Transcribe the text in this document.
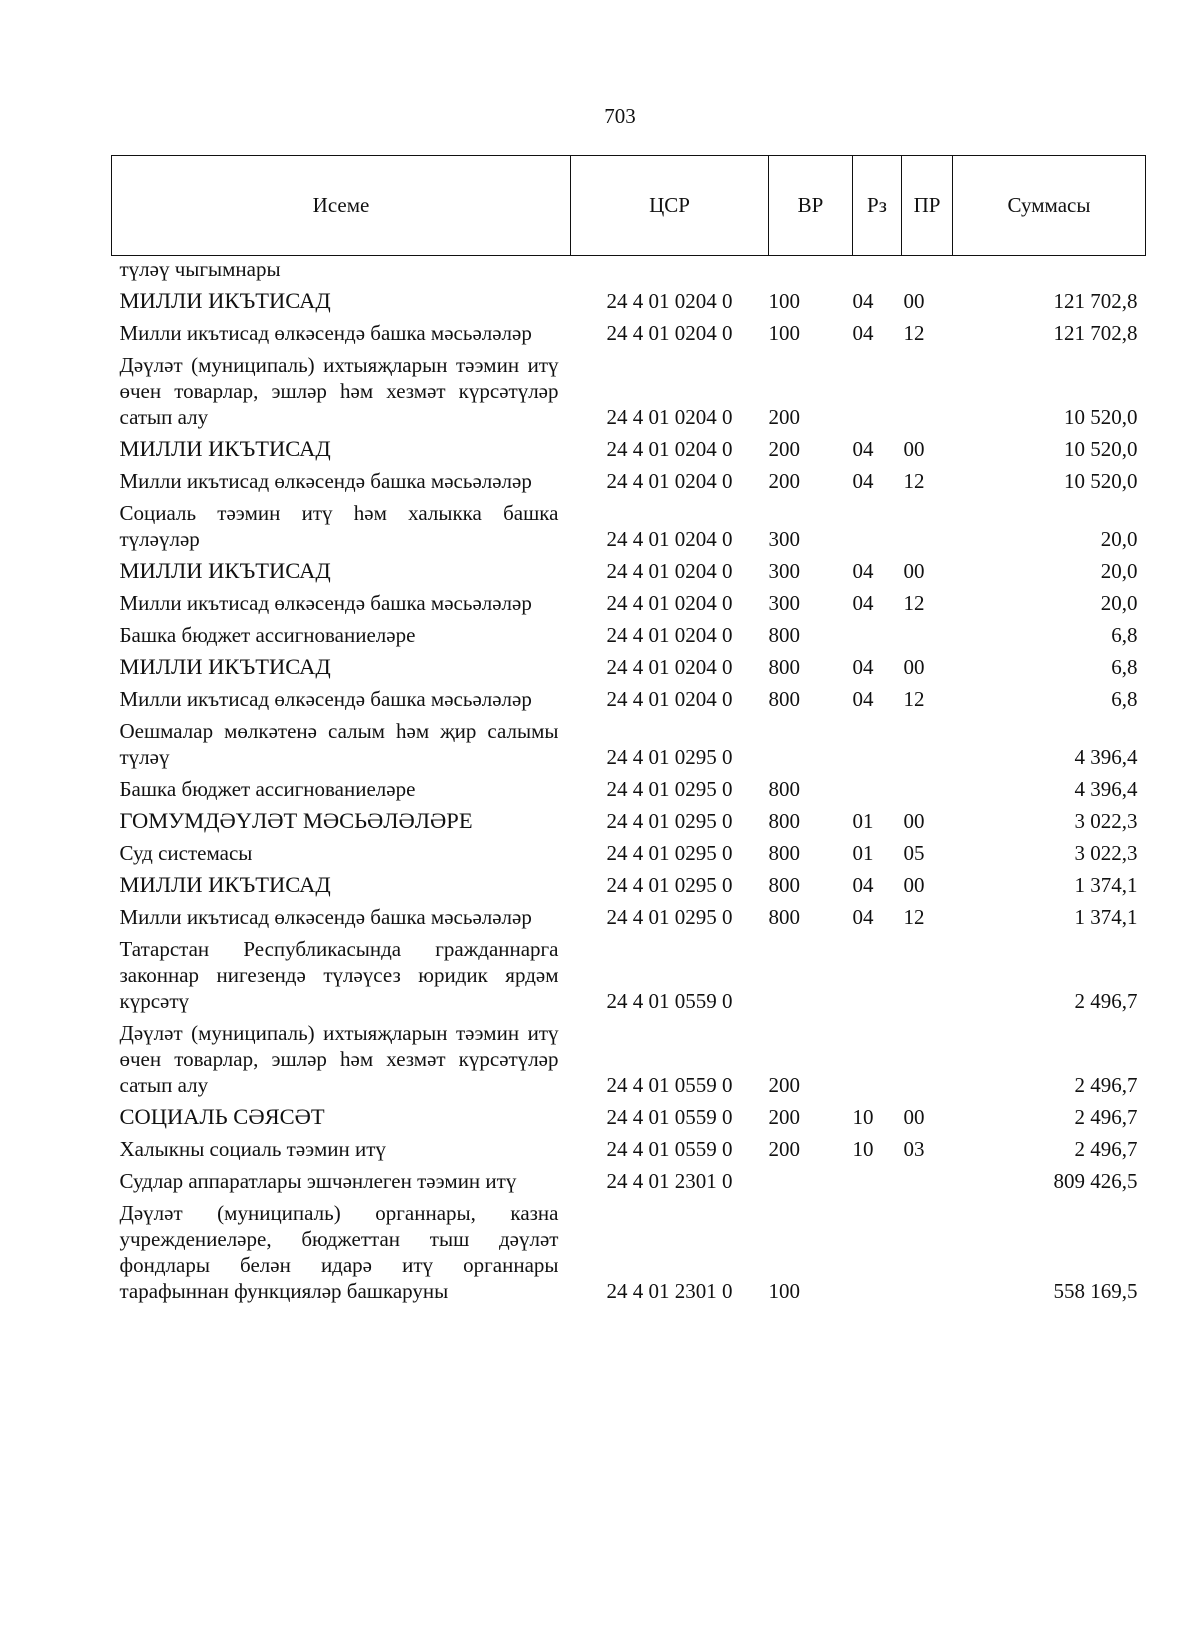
703
Исеме	ЦСР	ВР	Рз	ПР	Суммасы
түләү чыгымнары					
МИЛЛИ ИКЪТИСАД	24 4 01 0204 0	100	04	00	121 702,8
Милли икътисад өлкәсендә башка мәсьәләләр	24 4 01 0204 0	100	04	12	121 702,8
Дәүләт (муниципаль) ихтыяҗларын тәэмин итү өчен товарлар, эшләр һәм хезмәт күрсәтүләр сатып алу	24 4 01 0204 0	200			10 520,0
МИЛЛИ ИКЪТИСАД	24 4 01 0204 0	200	04	00	10 520,0
Милли икътисад өлкәсендә башка мәсьәләләр	24 4 01 0204 0	200	04	12	10 520,0
Социаль тәэмин итү һәм халыкка башка түләүләр	24 4 01 0204 0	300			20,0
МИЛЛИ ИКЪТИСАД	24 4 01 0204 0	300	04	00	20,0
Милли икътисад өлкәсендә башка мәсьәләләр	24 4 01 0204 0	300	04	12	20,0
Башка бюджет ассигнованиеләре	24 4 01 0204 0	800			6,8
МИЛЛИ ИКЪТИСАД	24 4 01 0204 0	800	04	00	6,8
Милли икътисад өлкәсендә башка мәсьәләләр	24 4 01 0204 0	800	04	12	6,8
Оешмалар мөлкәтенә салым һәм җир салымы түләү	24 4 01 0295 0				4 396,4
Башка бюджет ассигнованиеләре	24 4 01 0295 0	800			4 396,4
ГОМУМДӘҮЛӘТ МӘСЬӘЛӘЛӘРЕ	24 4 01 0295 0	800	01	00	3 022,3
Суд системасы	24 4 01 0295 0	800	01	05	3 022,3
МИЛЛИ ИКЪТИСАД	24 4 01 0295 0	800	04	00	1 374,1
Милли икътисад өлкәсендә башка мәсьәләләр	24 4 01 0295 0	800	04	12	1 374,1
Татарстан Республикасында гражданнарга законнар нигезендә түләүсез юридик ярдәм күрсәтү	24 4 01 0559 0				2 496,7
Дәүләт (муниципаль) ихтыяҗларын тәэмин итү өчен товарлар, эшләр һәм хезмәт күрсәтүләр сатып алу	24 4 01 0559 0	200			2 496,7
СОЦИАЛЬ СӘЯСӘТ	24 4 01 0559 0	200	10	00	2 496,7
Халыкны социаль тәэмин итү	24 4 01 0559 0	200	10	03	2 496,7
Судлар аппаратлары эшчәнлеген тәэмин итү	24 4 01 2301 0				809 426,5
Дәүләт (муниципаль) органнары, казна учреждениеләре, бюджеттан тыш дәүләт фондлары белән идарә итү органнары тарафыннан функцияләр башкаруны	24 4 01 2301 0	100			558 169,5
